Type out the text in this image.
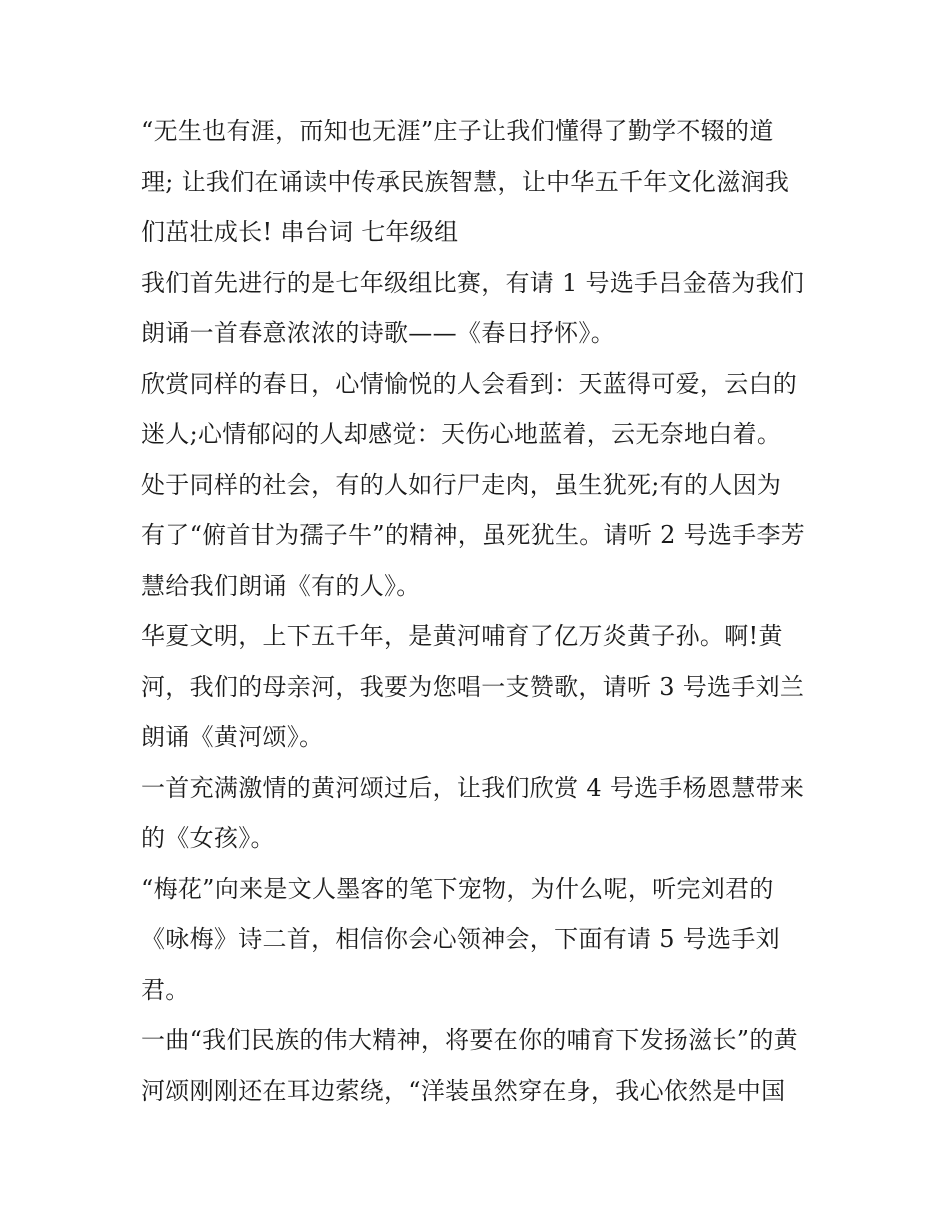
“无生也有涯，而知也无涯”庄子让我们懂得了勤学不辍的道
理; 让我们在诵读中传承民族智慧，让中华五千年文化滋润我
们茁壮成长! 串台词 七年级组
我们首先进行的是七年级组比赛，有请 1 号选手吕金蓓为我们
朗诵一首春意浓浓的诗歌——《春日抒怀》。
欣赏同样的春日，心情愉悦的人会看到：天蓝得可爱，云白的
迷人;心情郁闷的人却感觉：天伤心地蓝着，云无奈地白着。
处于同样的社会，有的人如行尸走肉，虽生犹死;有的人因为
有了“俯首甘为孺子牛”的精神，虽死犹生。请听 2 号选手李芳
慧给我们朗诵《有的人》。
华夏文明，上下五千年，是黄河哺育了亿万炎黄子孙。啊!黄
河，我们的母亲河，我要为您唱一支赞歌，请听 3 号选手刘兰
朗诵《黄河颂》。
一首充满激情的黄河颂过后，让我们欣赏 4 号选手杨恩慧带来
的《女孩》。
“梅花”向来是文人墨客的笔下宠物，为什么呢，听完刘君的
《咏梅》诗二首，相信你会心领神会，下面有请 5 号选手刘
君。
一曲“我们民族的伟大精神，将要在你的哺育下发扬滋长”的黄
河颂刚刚还在耳边萦绕，“洋装虽然穿在身，我心依然是中国
